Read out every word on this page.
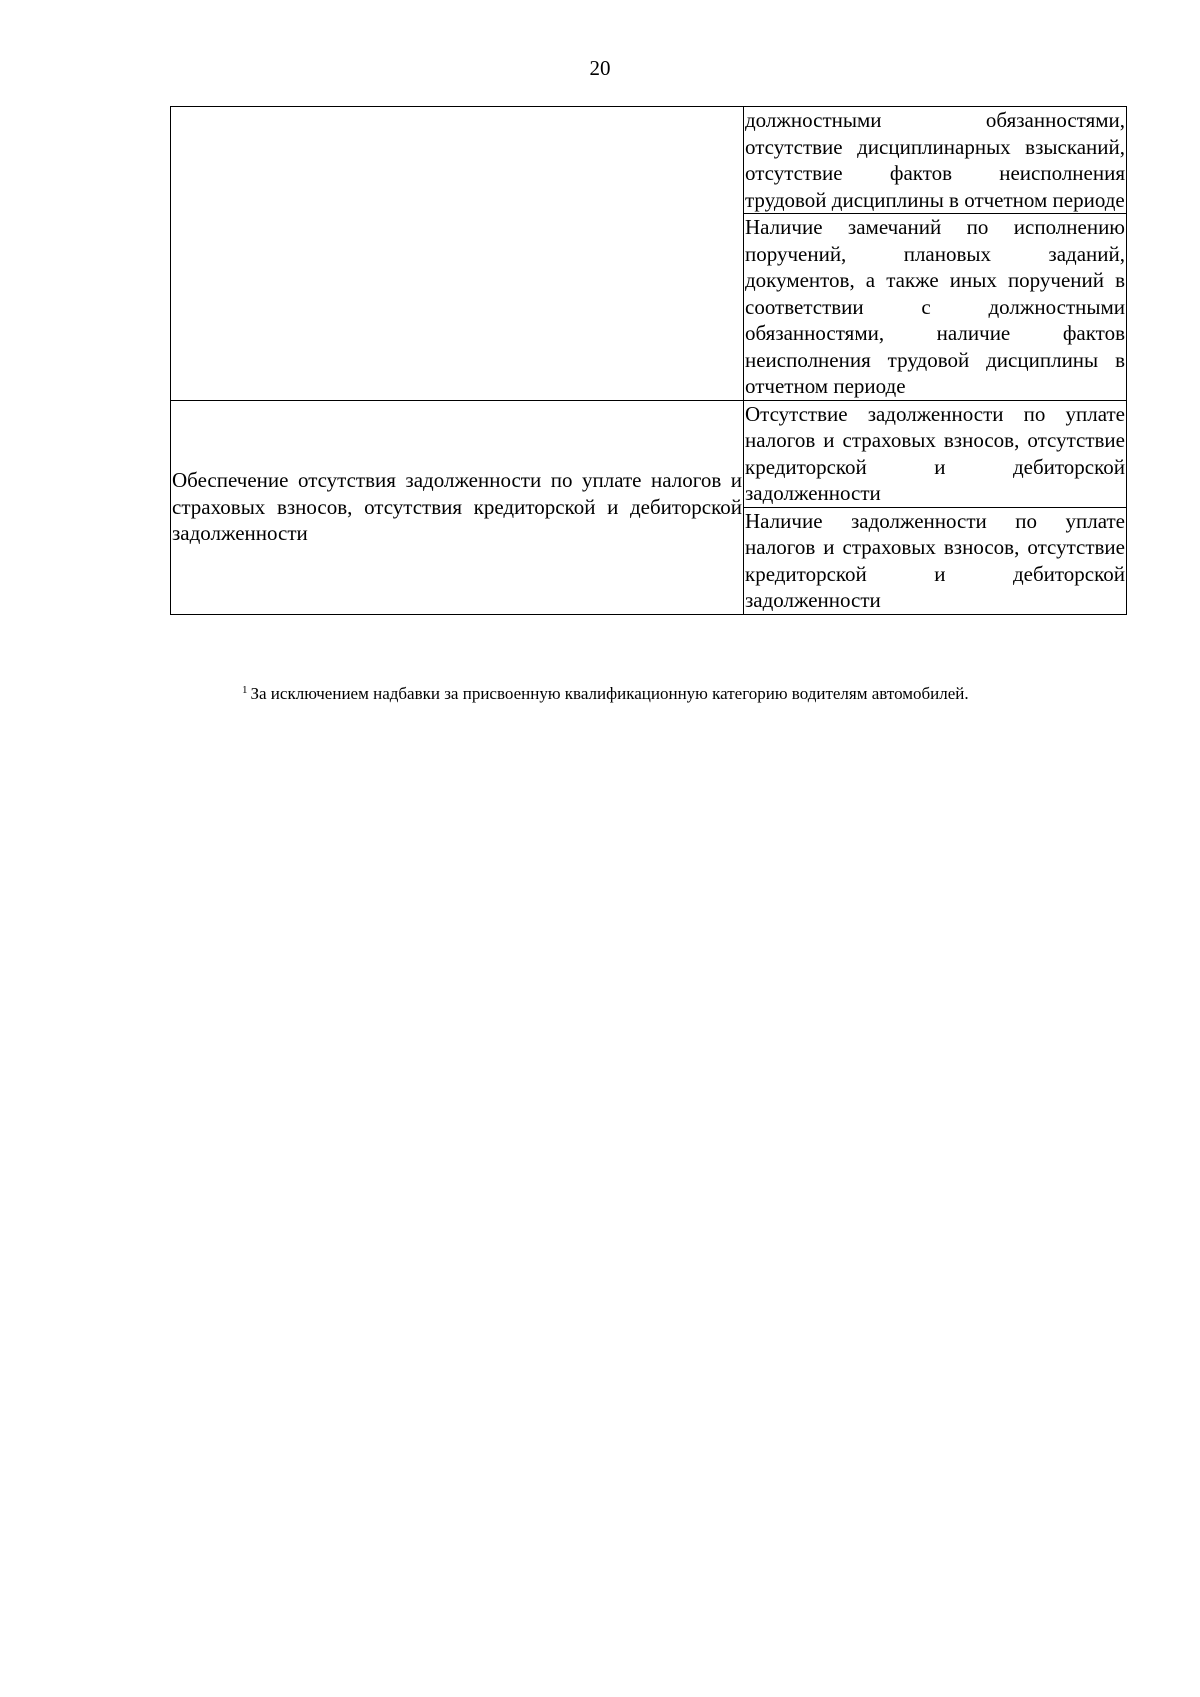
20
	должностными обязанностями, отсутствие дисциплинарных взысканий, отсутствие фактов неисполнения трудовой дисциплины в отчетном периоде
	Наличие замечаний по исполнению поручений, плановых заданий, документов, а также иных поручений в соответствии с должностными обязанностями, наличие фактов неисполнения трудовой дисциплины в отчетном периоде
Обеспечение отсутствия задолженности по уплате налогов и страховых взносов, отсутствия кредиторской и дебиторской задолженности	Отсутствие задолженности по уплате налогов и страховых взносов, отсутствие кредиторской и дебиторской задолженности
	Наличие задолженности по уплате налогов и страховых взносов, отсутствие кредиторской и дебиторской задолженности
$^1$ За исключением надбавки за присвоенную квалификационную категорию водителям автомобилей.
